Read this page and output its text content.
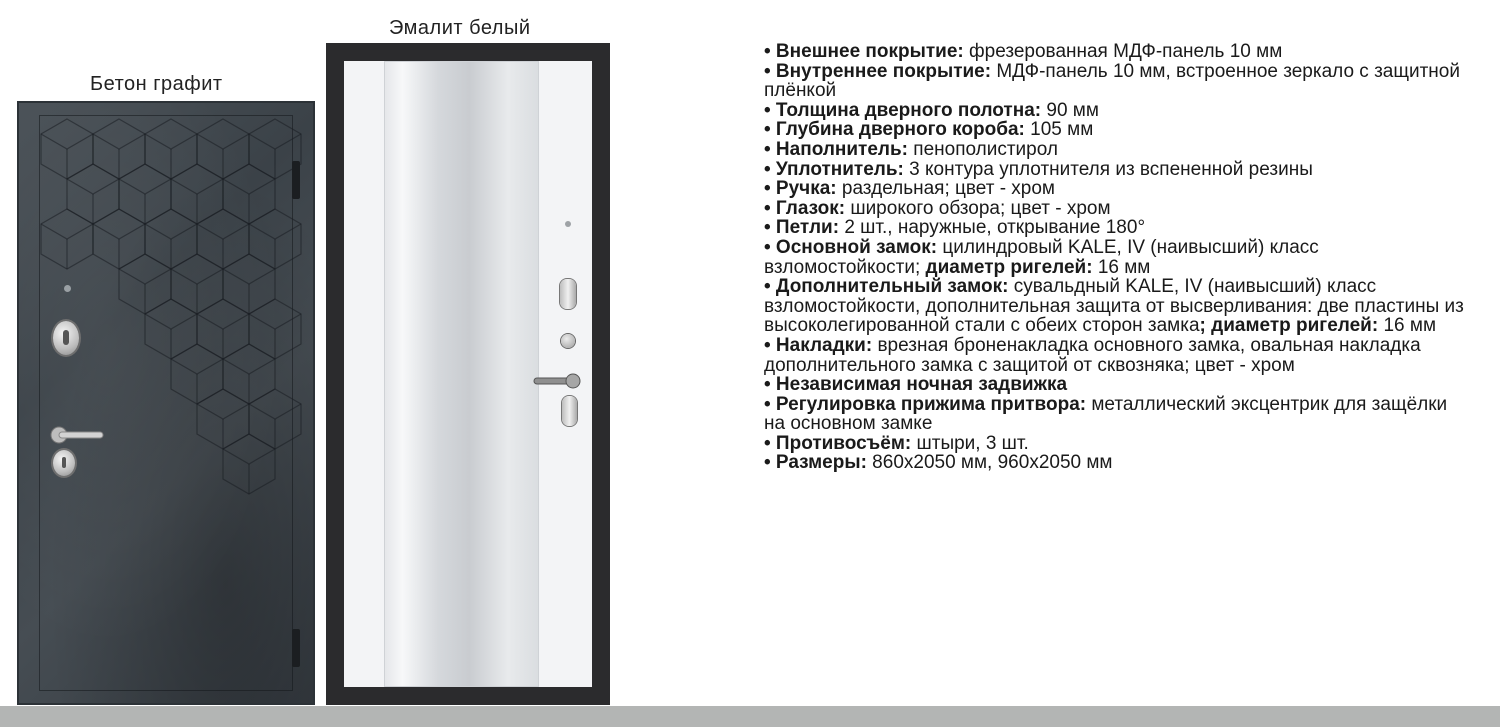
Бетон графит
Эмалит белый
• Внешнее покрытие: фрезерованная МДФ-панель 10 мм
• Внутреннее покрытие: МДФ-панель 10 мм, встроенное зеркало с защитной плёнкой
• Толщина дверного полотна: 90 мм
• Глубина дверного короба: 105 мм
• Наполнитель: пенополистирол
• Уплотнитель: 3 контура уплотнителя из вспененной резины
• Ручка: раздельная; цвет - хром
• Глазок: широкого обзора; цвет - хром
• Петли: 2 шт., наружные, открывание 180°
• Основной замок: цилиндровый KALE, IV (наивысший) класс взломостойкости; диаметр ригелей: 16 мм
• Дополнительный замок: сувальдный KALE, IV (наивысший) класс взломостойкости, дополнительная защита от высверливания: две пластины из высоколегированной стали с обеих сторон замка; диаметр ригелей: 16 мм
• Накладки: врезная броненакладка основного замка, овальная накладка дополнительного замка с защитой от сквозняка; цвет - хром
• Независимая ночная задвижка
• Регулировка прижима притвора: металлический эксцентрик для защёлки на основном замке
• Противосъём: штыри, 3 шт.
• Размеры: 860х2050 мм, 960х2050 мм
